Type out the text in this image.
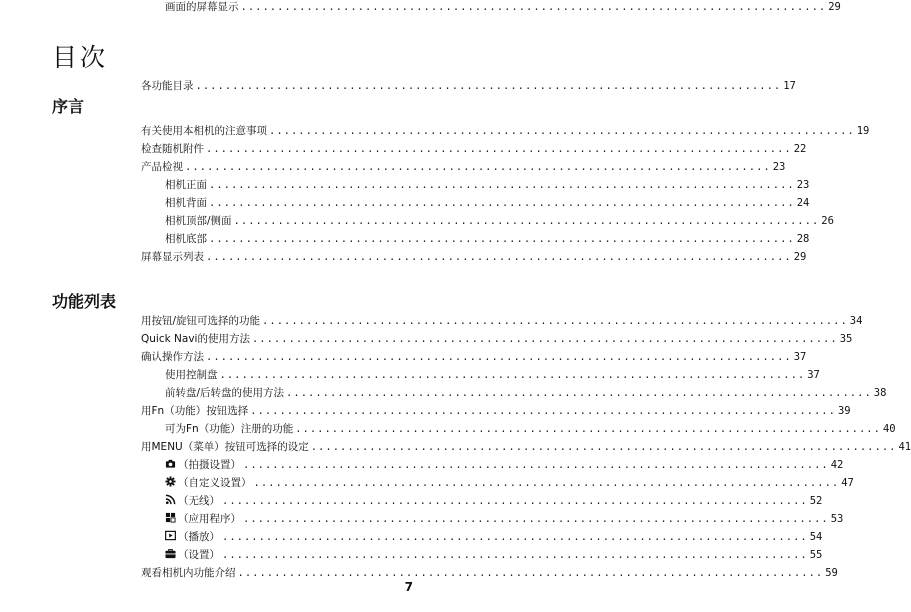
目次
序言
功能列表
各功能目录 ................................................................................ 17
有关使用本相机的注意事项 ................................................................................ 19
检查随机附件 ................................................................................ 22
产品检视 ................................................................................ 23
相机正面 ................................................................................ 23
相机背面 ................................................................................ 24
相机顶部/侧面 ................................................................................ 26
相机底部 ................................................................................ 28
屏幕显示列表 ................................................................................ 29
画面的屏幕显示 ................................................................................ 29
用按钮/旋钮可选择的功能 ................................................................................ 34
Quick Navi的使用方法 ................................................................................ 35
确认操作方法 ................................................................................ 37
使用控制盘 ................................................................................ 37
前转盘/后转盘的使用方法 ................................................................................ 38
用Fn（功能）按钮选择 ................................................................................ 39
可为Fn（功能）注册的功能 ................................................................................ 40
用MENU（菜单）按钮可选择的设定 ................................................................................ 41
（拍摄设置） ................................................................................ 42
（自定义设置） ................................................................................ 47
（无线） ................................................................................ 52
（应用程序） ................................................................................ 53
（播放） ................................................................................ 54
（设置） ................................................................................ 55
观看相机内功能介绍 ................................................................................ 59
7
